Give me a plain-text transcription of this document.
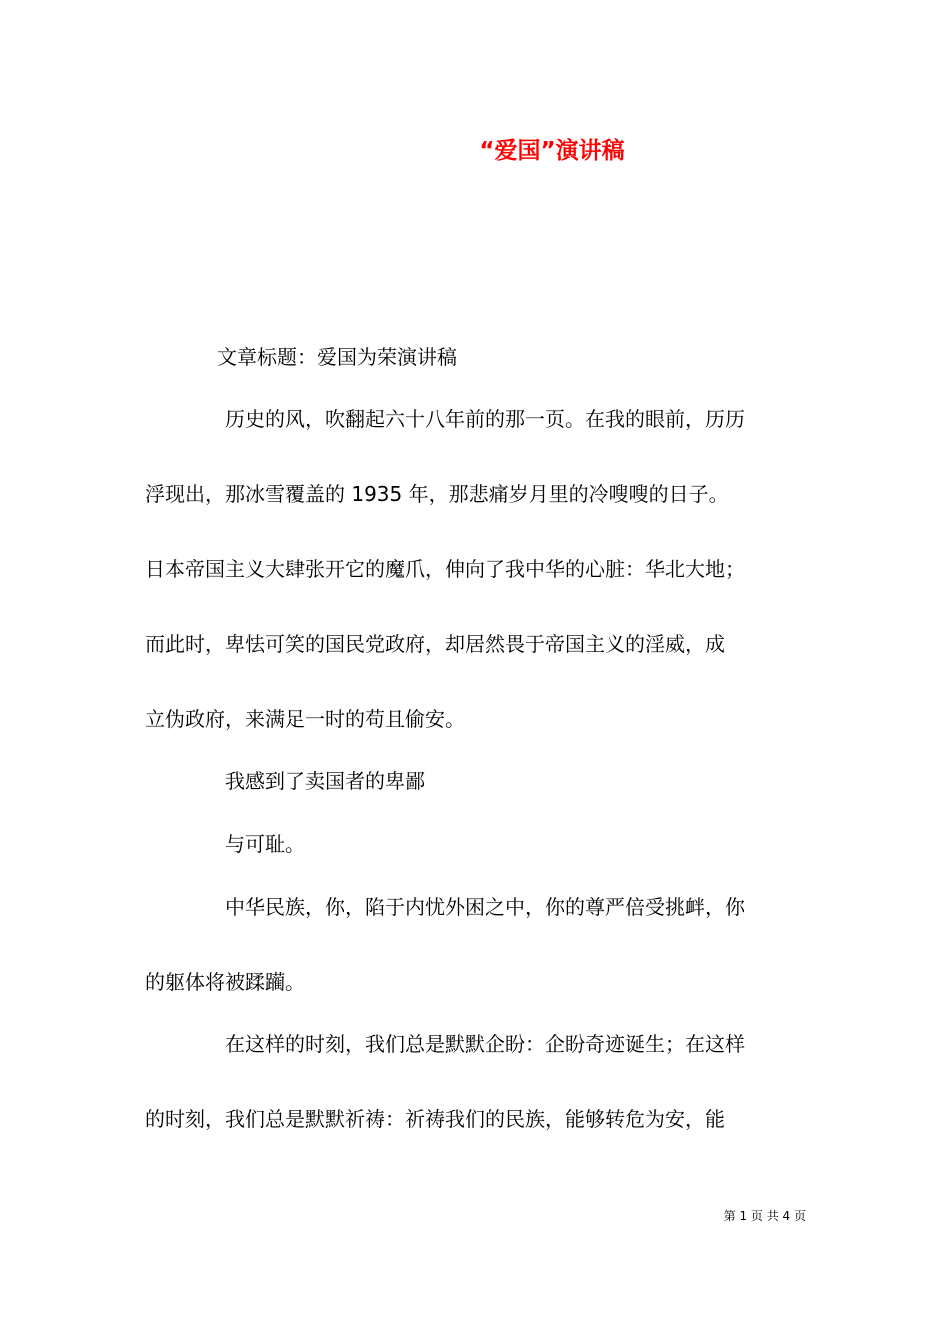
“爱国”演讲稿
文章标题：爱国为荣演讲稿
历史的风，吹翻起六十八年前的那一页。在我的眼前，历历
浮现出，那冰雪覆盖的 1935 年，那悲痛岁月里的冷嗖嗖的日子。
日本帝国主义大肆张开它的魔爪，伸向了我中华的心脏：华北大地；
而此时，卑怯可笑的国民党政府，却居然畏于帝国主义的淫威，成
立伪政府，来满足一时的苟且偷安。
我感到了卖国者的卑鄙
与可耻。
中华民族，你，陷于内忧外困之中，你的尊严倍受挑衅，你
的躯体将被蹂躏。
在这样的时刻，我们总是默默企盼：企盼奇迹诞生；在这样
的时刻，我们总是默默祈祷：祈祷我们的民族，能够转危为安，能
第 1 页 共 4 页
